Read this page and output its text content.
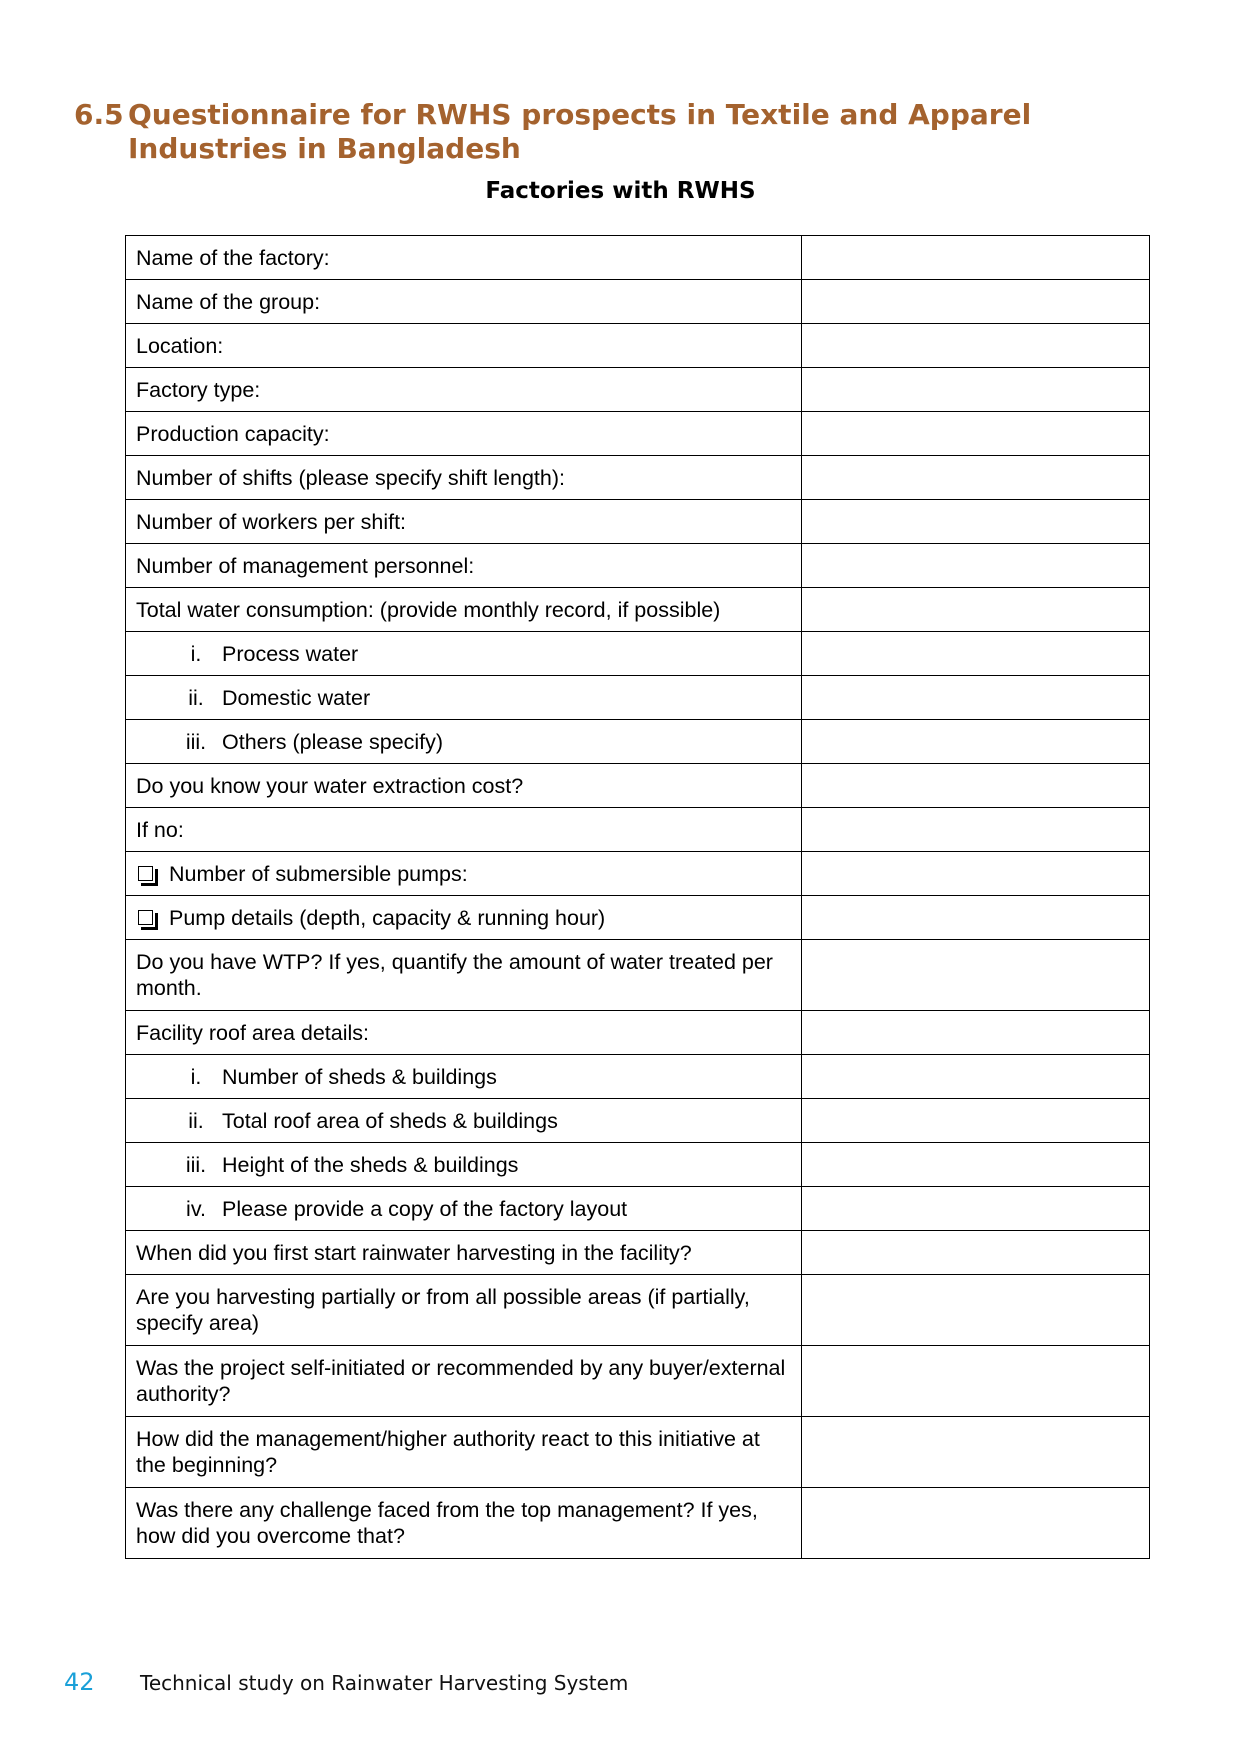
6.5 Questionnaire for RWHS prospects in Textile and Apparel Industries in Bangladesh
Factories with RWHS
Name of the factory:	
Name of the group:	
Location:	
Factory type:	
Production capacity:	
Number of shifts (please specify shift length):	
Number of workers per shift:	
Number of management personnel:	
Total water consumption: (provide monthly record, if possible)	

i. Process water	

ii. Domestic water	

iii. Others (please specify)	

Do you know your water extraction cost?	
If no:	

Number of submersible pumps:	

Pump details (depth, capacity & running hour)	

Do you have WTP? If yes, quantify the amount of water treated per month.	
Facility roof area details:	

i. Number of sheds & buildings	

ii. Total roof area of sheds & buildings	

iii. Height of the sheds & buildings	

iv. Please provide a copy of the factory layout	

When did you first start rainwater harvesting in the facility?	
Are you harvesting partially or from all possible areas (if partially, specify area)	
Was the project self-initiated or recommended by any buyer/external authority?	
How did the management/higher authority react to this initiative at the beginning?	
Was there any challenge faced from the top management? If yes, how did you overcome that?	
42	Technical study on Rainwater Harvesting System
